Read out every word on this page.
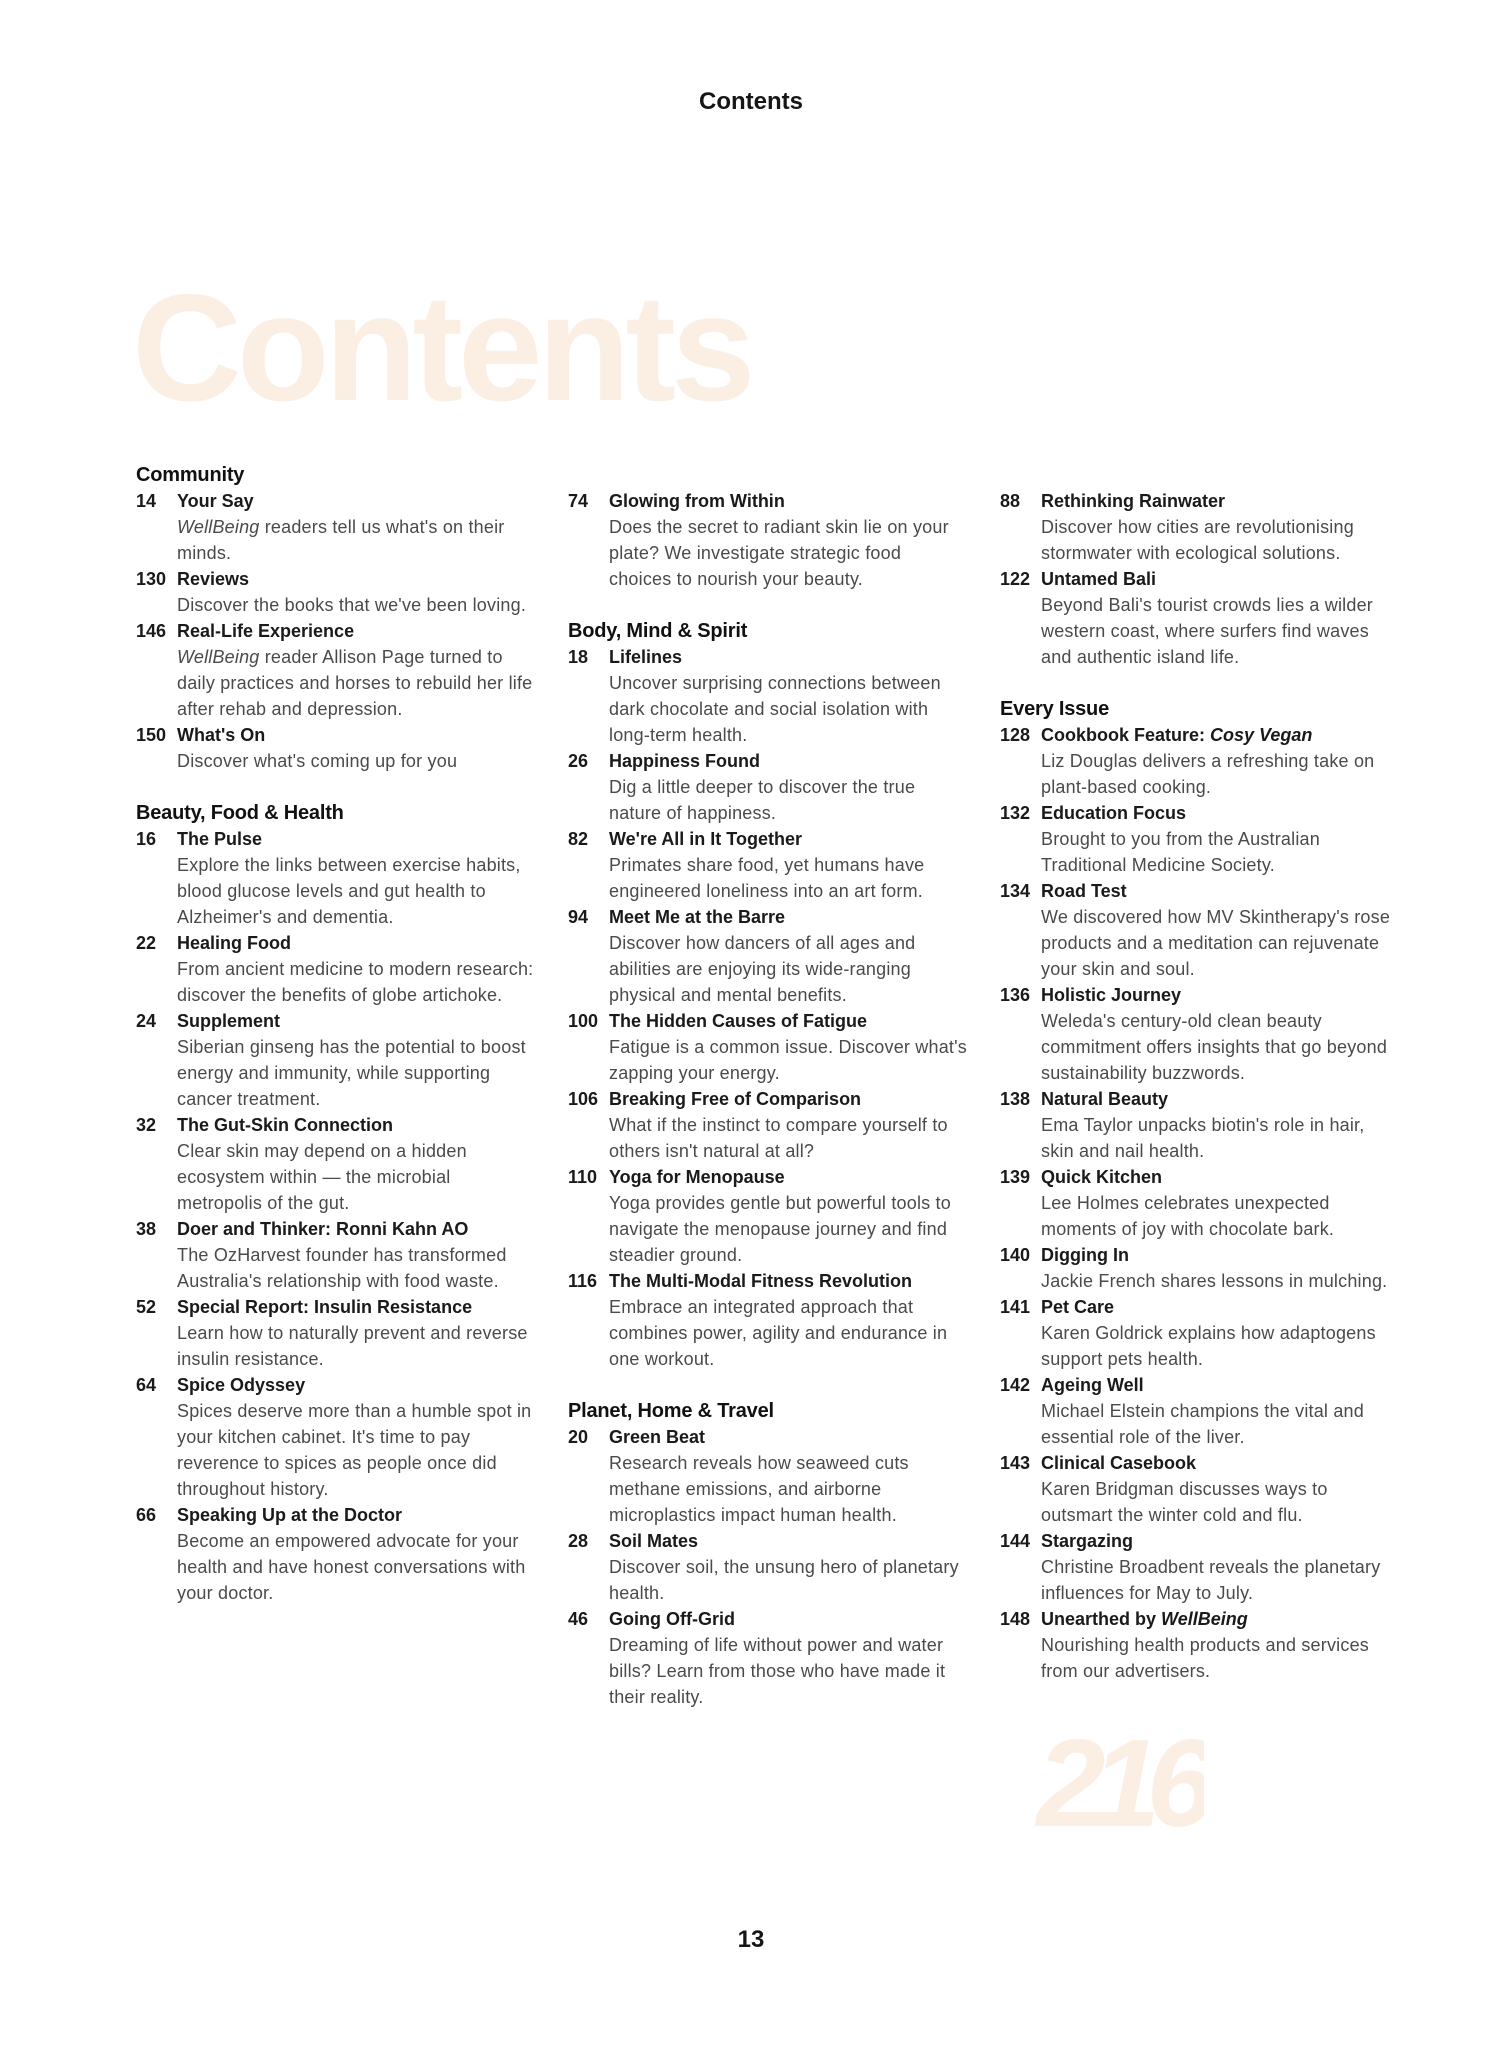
Contents
Contents
Community
14	Your Say
WellBeing readers tell us what's on their minds.
130 Reviews
Discover the books that we've been loving.
146 Real-Life Experience
WellBeing reader Allison Page turned to daily practices and horses to rebuild her life after rehab and depression.
150 What's On
Discover what's coming up for you
Beauty, Food & Health
16	The Pulse
Explore the links between exercise habits, blood glucose levels and gut health to Alzheimer's and dementia.
22	Healing Food
From ancient medicine to modern research: discover the benefits of globe artichoke.
24	Supplement
Siberian ginseng has the potential to boost energy and immunity, while supporting cancer treatment.
32	The Gut-Skin Connection
Clear skin may depend on a hidden ecosystem within — the microbial metropolis of the gut.
38	Doer and Thinker: Ronni Kahn AO
The OzHarvest founder has transformed Australia's relationship with food waste.
52	Special Report: Insulin Resistance
Learn how to naturally prevent and reverse insulin resistance.
64	Spice Odyssey
Spices deserve more than a humble spot in your kitchen cabinet. It's time to pay reverence to spices as people once did throughout history.
66	Speaking Up at the Doctor
Become an empowered advocate for your health and have honest conversations with your doctor.
74	Glowing from Within
Does the secret to radiant skin lie on your plate? We investigate strategic food choices to nourish your beauty.
Body, Mind & Spirit
18	Lifelines
Uncover surprising connections between dark chocolate and social isolation with long-term health.
26	Happiness Found
Dig a little deeper to discover the true nature of happiness.
82	We're All in It Together
Primates share food, yet humans have engineered loneliness into an art form.
94	Meet Me at the Barre
Discover how dancers of all ages and abilities are enjoying its wide-ranging physical and mental benefits.
100 The Hidden Causes of Fatigue
Fatigue is a common issue. Discover what's zapping your energy.
106 Breaking Free of Comparison
What if the instinct to compare yourself to others isn't natural at all?
110 Yoga for Menopause
Yoga provides gentle but powerful tools to navigate the menopause journey and find steadier ground.
116 The Multi-Modal Fitness Revolution
Embrace an integrated approach that combines power, agility and endurance in one workout.
Planet, Home & Travel
20	Green Beat
Research reveals how seaweed cuts methane emissions, and airborne microplastics impact human health.
28	Soil Mates
Discover soil, the unsung hero of planetary health.
46	Going Off-Grid
Dreaming of life without power and water bills? Learn from those who have made it their reality.
88	Rethinking Rainwater
Discover how cities are revolutionising stormwater with ecological solutions.
122 Untamed Bali
Beyond Bali's tourist crowds lies a wilder western coast, where surfers find waves and authentic island life.
Every Issue
128 Cookbook Feature: Cosy Vegan
Liz Douglas delivers a refreshing take on plant-based cooking.
132 Education Focus
Brought to you from the Australian Traditional Medicine Society.
134 Road Test
We discovered how MV Skintherapy's rose products and a meditation can rejuvenate your skin and soul.
136 Holistic Journey
Weleda's century-old clean beauty commitment offers insights that go beyond sustainability buzzwords.
138 Natural Beauty
Ema Taylor unpacks biotin's role in hair, skin and nail health.
139 Quick Kitchen
Lee Holmes celebrates unexpected moments of joy with chocolate bark.
140 Digging In
Jackie French shares lessons in mulching.
141 Pet Care
Karen Goldrick explains how adaptogens support pets health.
142 Ageing Well
Michael Elstein champions the vital and essential role of the liver.
143 Clinical Casebook
Karen Bridgman discusses ways to outsmart the winter cold and flu.
144 Stargazing
Christine Broadbent reveals the planetary influences for May to July.
148 Unearthed by WellBeing
Nourishing health products and services from our advertisers.
216
13
